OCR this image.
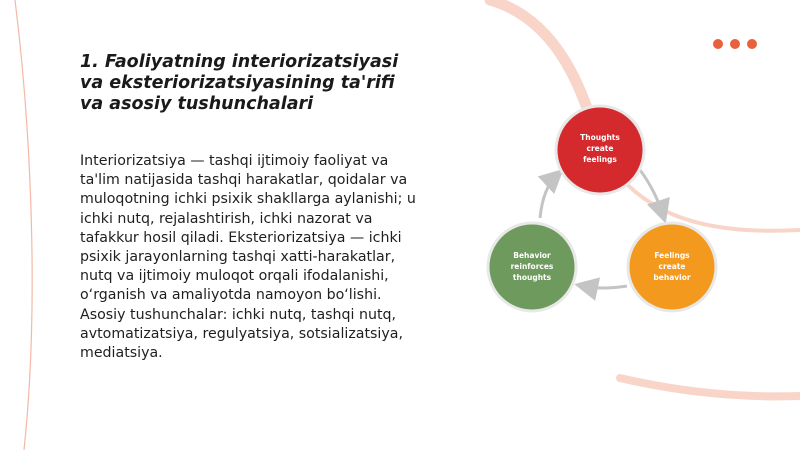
1. Faoliyatning interiorizatsiyasi va eksteriorizatsiyasining ta'rifi va asosiy tushunchalari

Interiorizatsiya — tashqi ijtimoiy faoliyat va ta'lim natijasida tashqi harakatlar, qoidalar va muloqotning ichki psixik shakllarga aylanishi; u ichki nutq, rejalashtirish, ichki nazorat va tafakkur hosil qiladi. Eksteriorizatsiya — ichki psixik jarayonlarning tashqi xatti-harakatlar, nutq va ijtimoiy muloqot orqali ifodalanishi, o‘rganish va amaliyotda namoyon bo‘lishi. Asosiy tushunchalar: ichki nutq, tashqi nutq, avtomatizatsiya, regulyatsiya, sotsializatsiya, mediatsiya.

Thoughts
create
feelings
Feelings
create
behavior
Behavior
reinforces
thoughts
